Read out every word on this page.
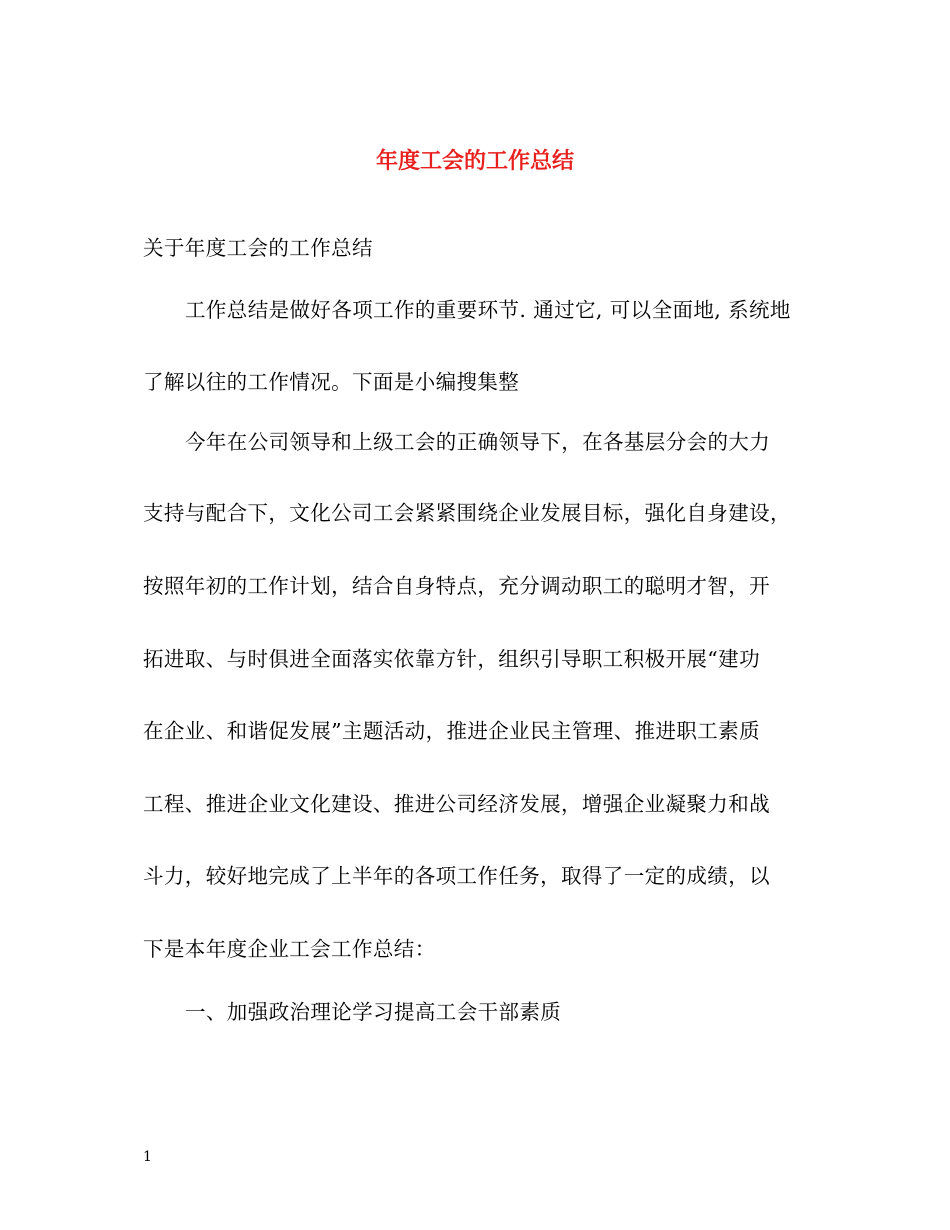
年度工会的工作总结
关于年度工会的工作总结
工作总结是做好各项工作的重要环节. 通过它, 可以全面地, 系统地
了解以往的工作情况。下面是小编搜集整
今年在公司领导和上级工会的正确领导下，在各基层分会的大力
支持与配合下，文化公司工会紧紧围绕企业发展目标，强化自身建设，
按照年初的工作计划，结合自身特点，充分调动职工的聪明才智，开
拓进取、与时俱进全面落实依靠方针，组织引导职工积极开展“建功
在企业、和谐促发展”主题活动，推进企业民主管理、推进职工素质
工程、推进企业文化建设、推进公司经济发展，增强企业凝聚力和战
斗力，较好地完成了上半年的各项工作任务，取得了一定的成绩，以
下是本年度企业工会工作总结：
一、加强政治理论学习提高工会干部素质
1
